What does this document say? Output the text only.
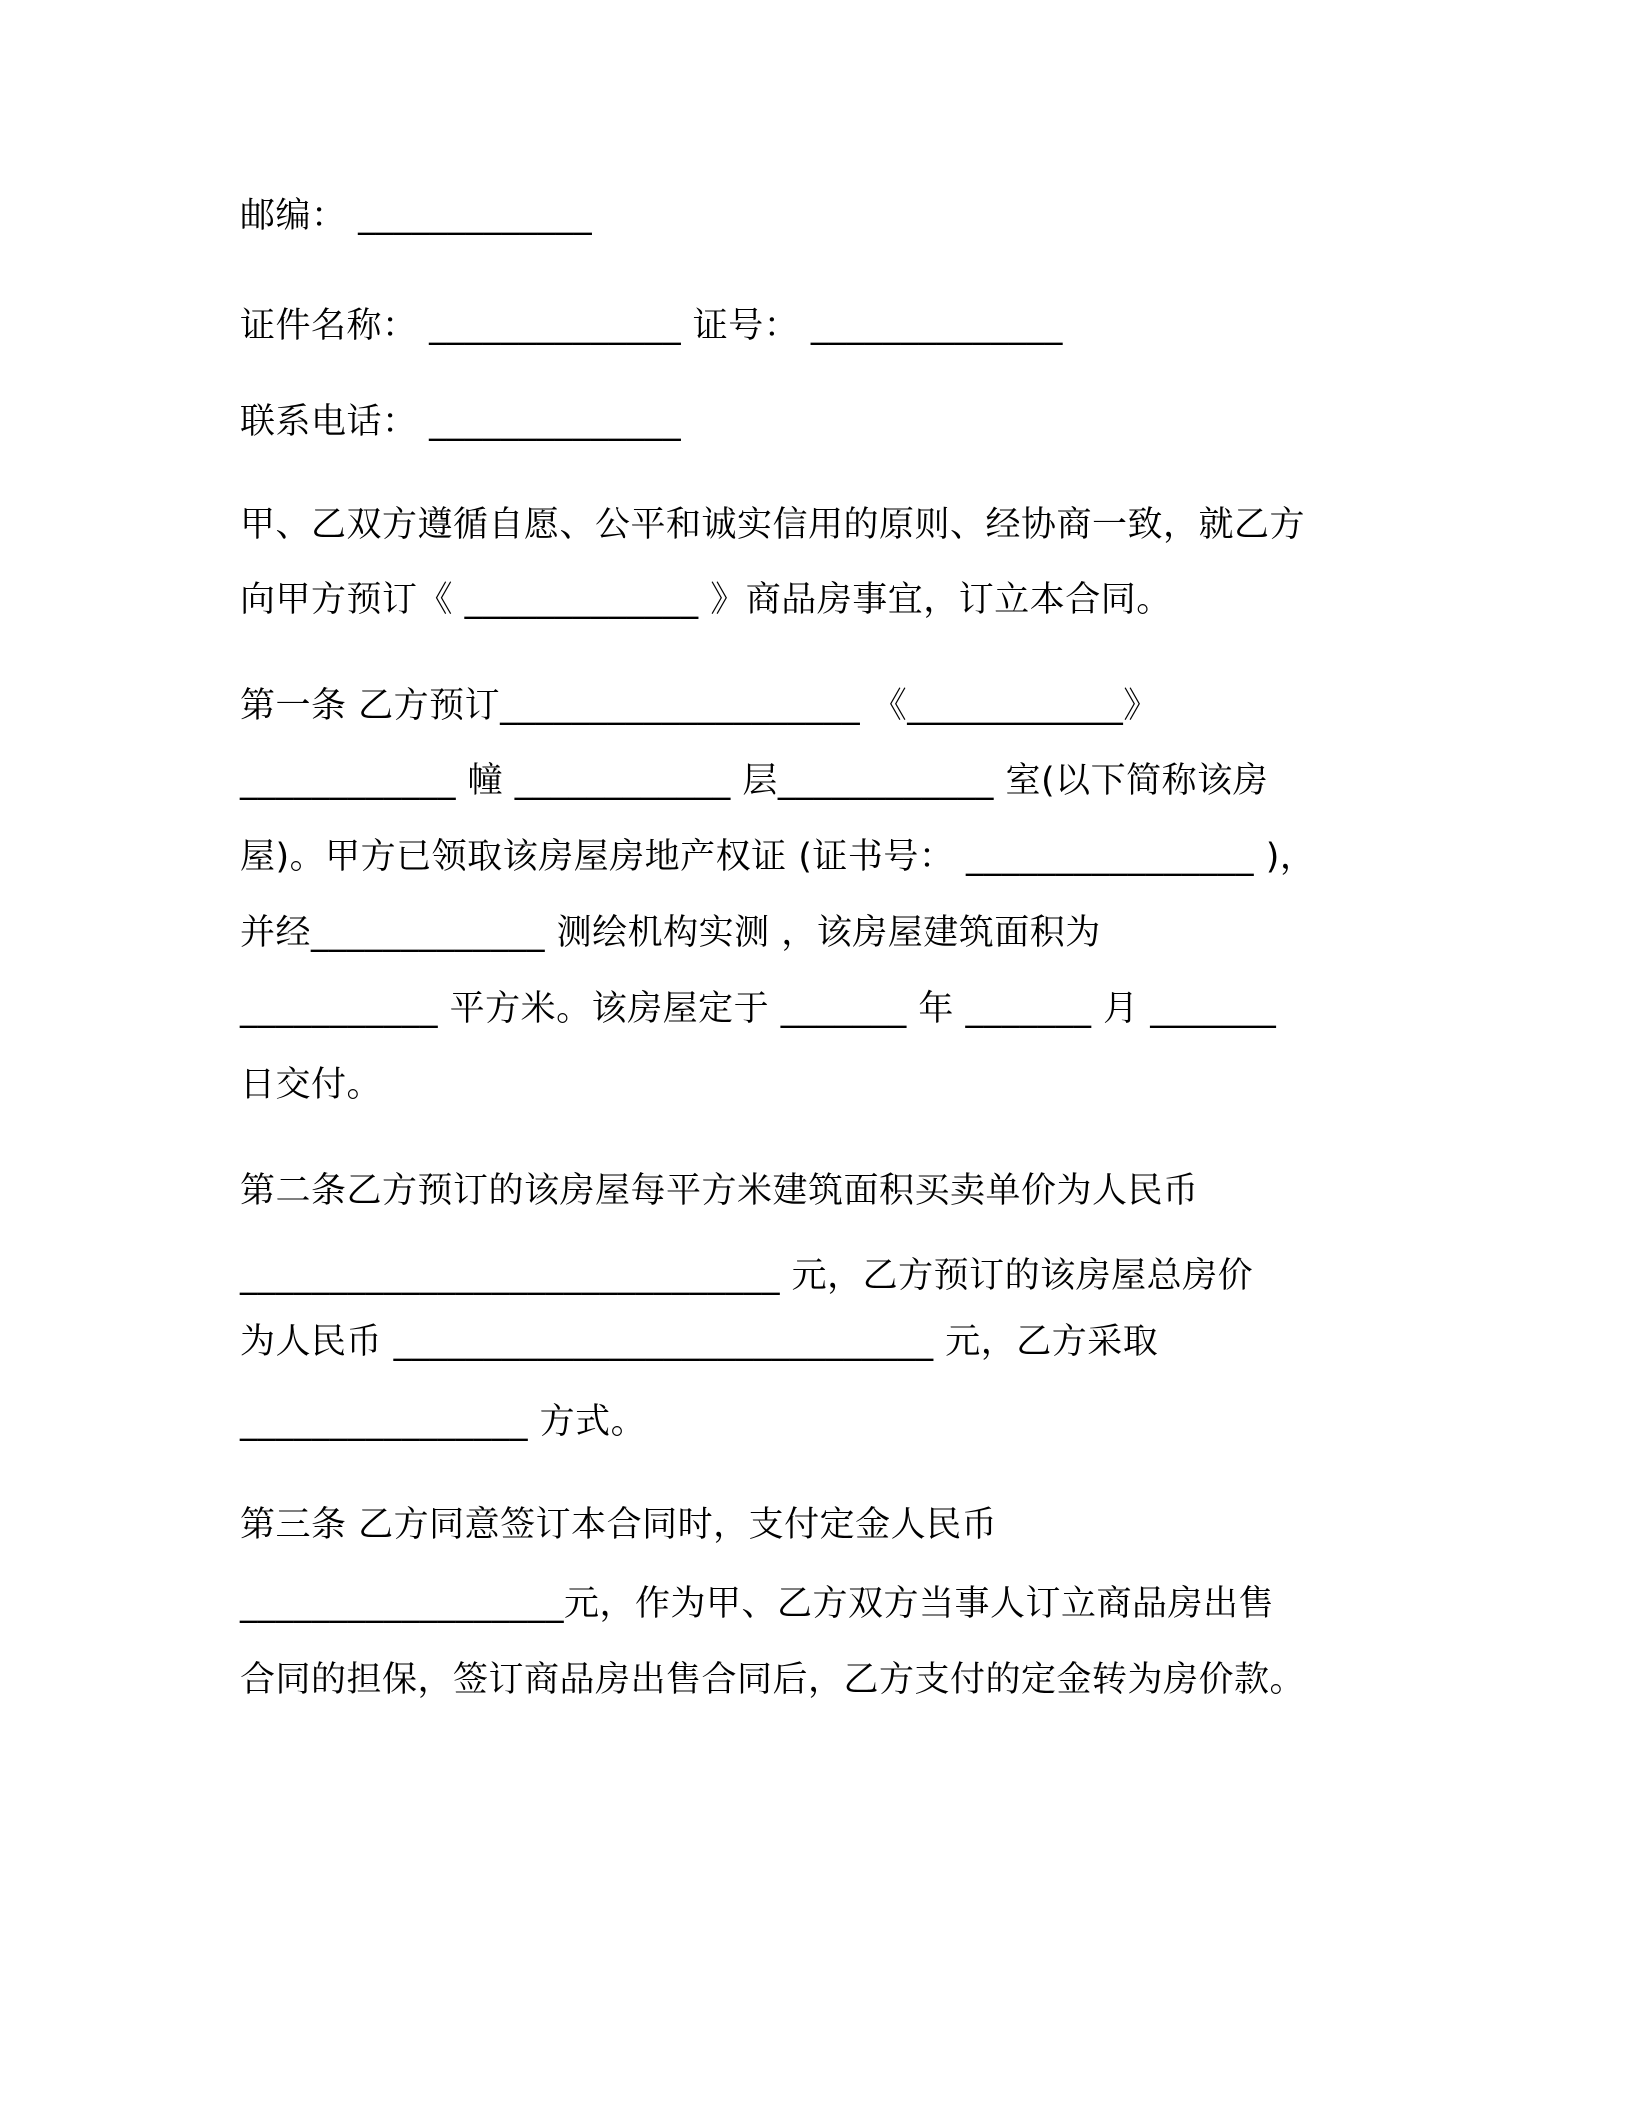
邮编： _____________
证件名称： ______________ 证号： ______________
联系电话： ______________
甲、乙双方遵循自愿、公平和诚实信用的原则、经协商一致，就乙方
向甲方预订《 _____________ 》商品房事宜，订立本合同。
第一条 乙方预订____________________ 《____________》
____________ 幢 ____________ 层____________ 室(以下简称该房
屋)。甲方已领取该房屋房地产权证 (证书号： ________________ )，
并经_____________ 测绘机构实测 ，该房屋建筑面积为
___________ 平方米。该房屋定于 _______ 年 _______ 月 _______
日交付。
第二条乙方预订的该房屋每平方米建筑面积买卖单价为人民币
______________________________ 元，乙方预订的该房屋总房价
为人民币 ______________________________ 元，乙方采取
________________ 方式。
第三条 乙方同意签订本合同时，支付定金人民币
__________________元，作为甲、乙方双方当事人订立商品房出售
合同的担保，签订商品房出售合同后，乙方支付的定金转为房价款。
